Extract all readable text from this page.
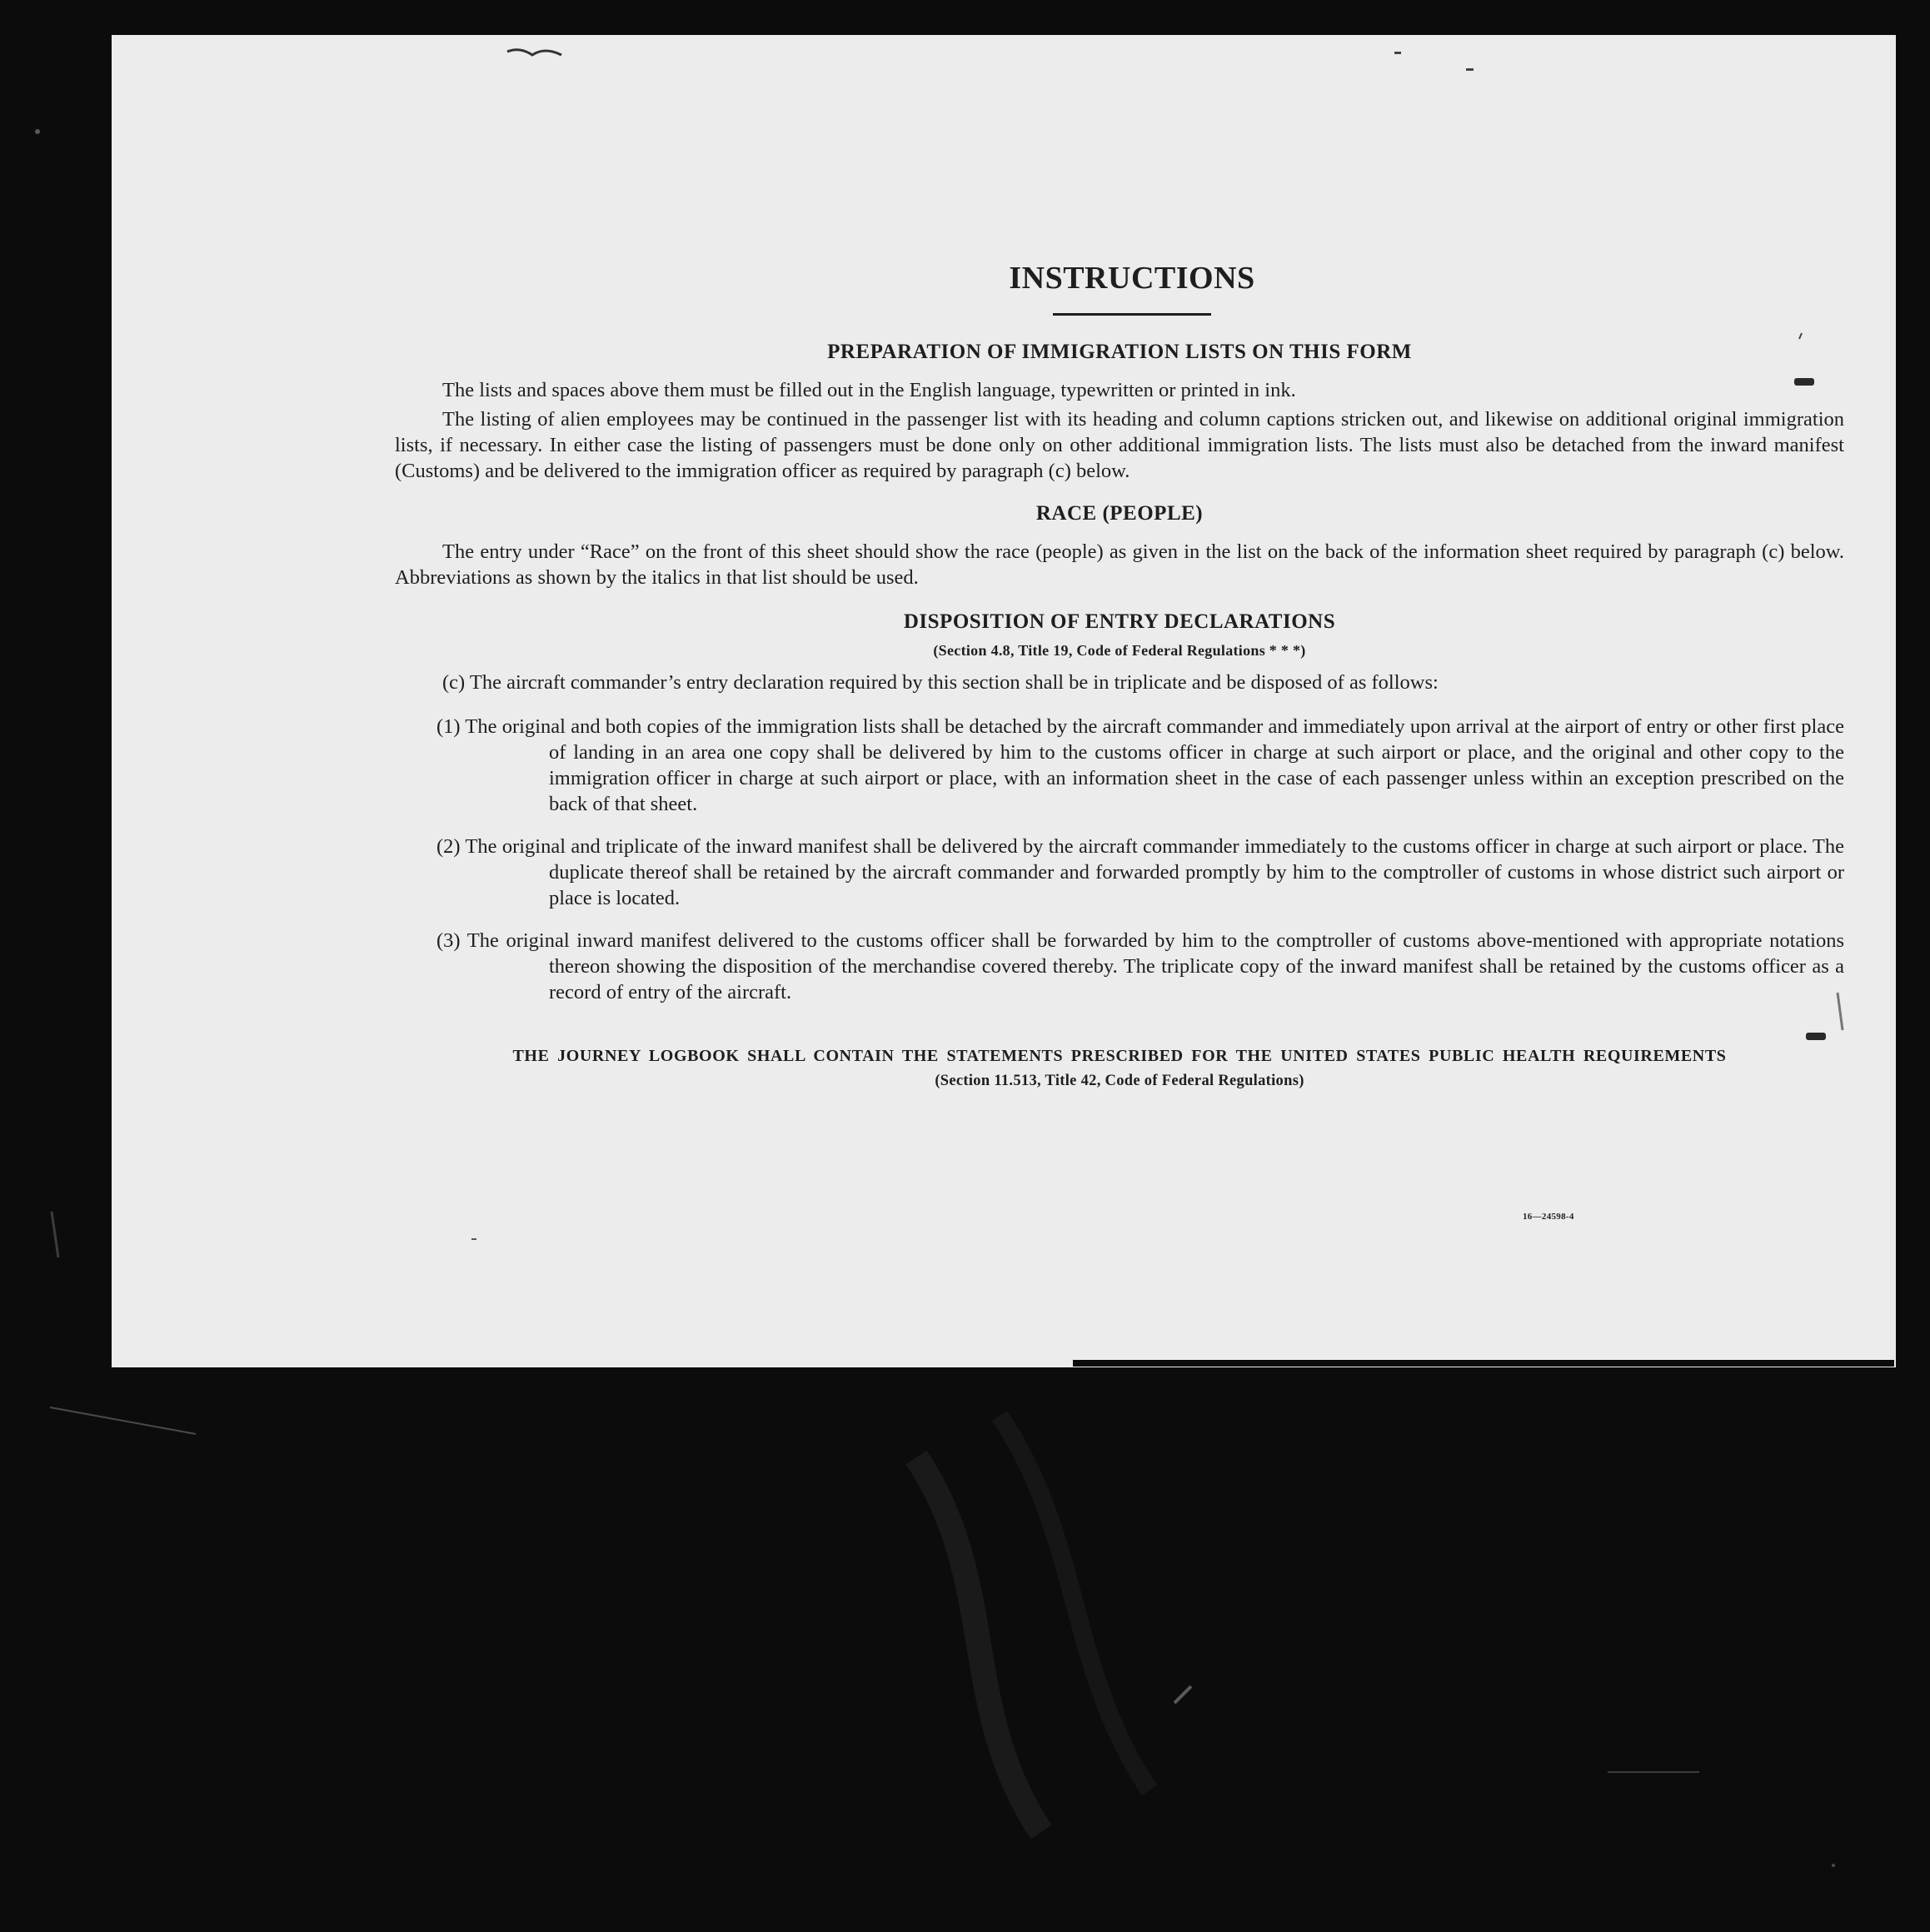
INSTRUCTIONS
PREPARATION OF IMMIGRATION LISTS ON THIS FORM

The lists and spaces above them must be filled out in the English language, typewritten or printed in ink.

The listing of alien employees may be continued in the passenger list with its heading and column captions stricken out, and likewise on additional original immigration lists, if necessary. In either case the listing of passengers must be done only on other additional immigration lists. The lists must also be detached from the inward manifest (Customs) and be delivered to the immigration officer as required by paragraph (c) below.

RACE (PEOPLE)

The entry under “Race” on the front of this sheet should show the race (people) as given in the list on the back of the information sheet required by paragraph (c) below. Abbreviations as shown by the italics in that list should be used.

DISPOSITION OF ENTRY DECLARATIONS

(Section 4.8, Title 19, Code of Federal Regulations * * *)

(c) The aircraft commander’s entry declaration required by this section shall be in triplicate and be disposed of as follows:

(1) The original and both copies of the immigration lists shall be detached by the aircraft commander and immediately upon arrival at the airport of entry or other first place of landing in an area one copy shall be delivered by him to the customs officer in charge at such airport or place, and the original and other copy to the immigration officer in charge at such airport or place, with an information sheet in the case of each passenger unless within an exception prescribed on the back of that sheet.

(2) The original and triplicate of the inward manifest shall be delivered by the aircraft commander immediately to the customs officer in charge at such airport or place. The duplicate thereof shall be retained by the aircraft commander and forwarded promptly by him to the comptroller of customs in whose district such airport or place is located.

(3) The original inward manifest delivered to the customs officer shall be forwarded by him to the comptroller of customs above-mentioned with appropriate notations thereon showing the disposition of the merchandise covered thereby. The triplicate copy of the inward manifest shall be retained by the customs officer as a record of entry of the aircraft.

THE JOURNEY LOGBOOK SHALL CONTAIN THE STATEMENTS PRESCRIBED FOR THE UNITED STATES PUBLIC HEALTH REQUIREMENTS

(Section 11.513, Title 42, Code of Federal Regulations)

16—24598-4
